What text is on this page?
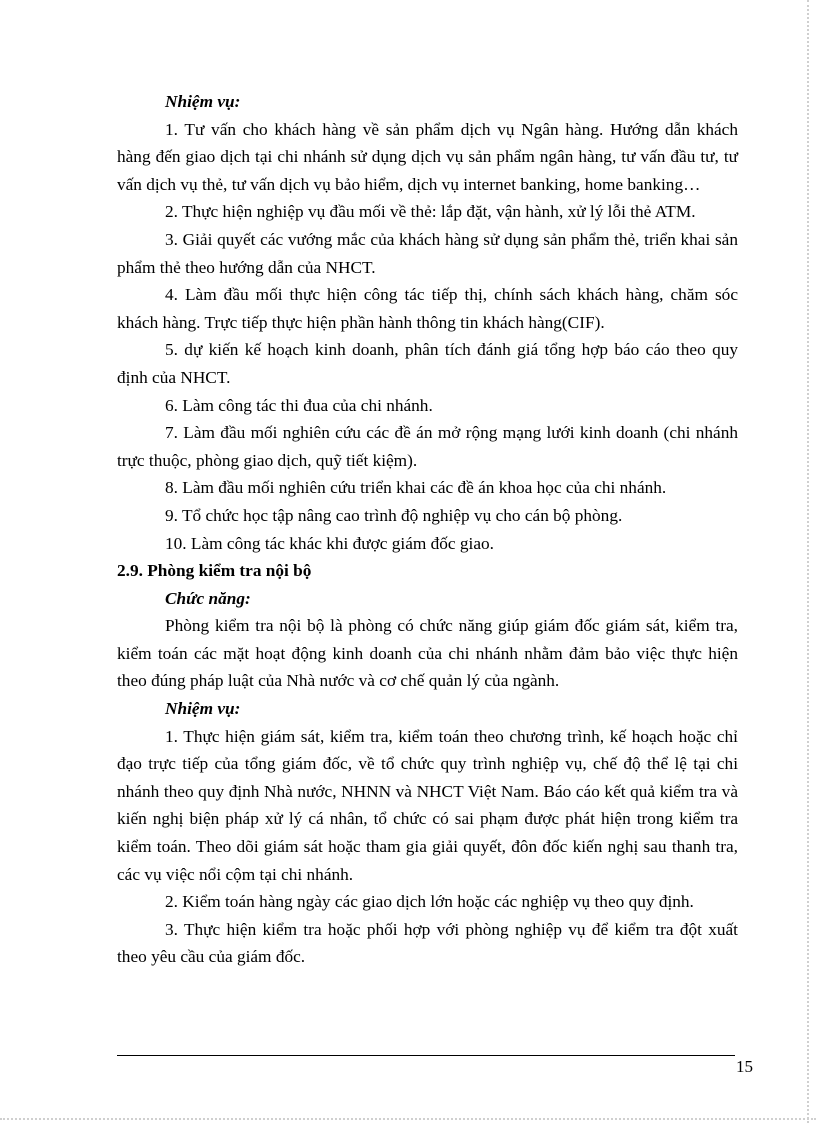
Nhiệm vụ:

1. Tư vấn cho khách hàng về sản phẩm dịch vụ Ngân hàng. Hướng dẫn khách hàng đến giao dịch tại chi nhánh sử dụng dịch vụ sản phẩm ngân hàng, tư vấn đầu tư, tư vấn dịch vụ thẻ, tư vấn dịch vụ bảo hiểm, dịch vụ internet banking, home banking…

2. Thực hiện nghiệp vụ đầu mối về thẻ: lắp đặt, vận hành, xử lý lỗi thẻ ATM.

3. Giải quyết các vướng mắc của khách hàng sử dụng sản phẩm thẻ, triển khai sản phẩm thẻ theo hướng dẫn của NHCT.

4. Làm đầu mối thực hiện công tác tiếp thị, chính sách khách hàng, chăm sóc khách hàng. Trực tiếp thực hiện phần hành thông tin khách hàng(CIF).

5. dự kiến kế hoạch kinh doanh, phân tích đánh giá tổng hợp báo cáo theo quy định của NHCT.

6. Làm công tác thi đua của chi nhánh.

7. Làm đầu mối nghiên cứu các đề án mở rộng mạng lưới kinh doanh (chi nhánh trực thuộc, phòng giao dịch, quỹ tiết kiệm).

8. Làm đầu mối nghiên cứu triển khai các đề án khoa học của chi nhánh.

9. Tổ chức học tập nâng cao trình độ nghiệp vụ cho cán bộ phòng.

10. Làm công tác khác khi được giám đốc giao.

2.9. Phòng kiểm tra nội bộ

Chức năng:

Phòng kiểm tra nội bộ là phòng có chức năng giúp giám đốc giám sát, kiểm tra, kiểm toán các mặt hoạt động kinh doanh của chi nhánh nhằm đảm bảo việc thực hiện theo đúng pháp luật của Nhà nước và cơ chế quản lý của ngành.

Nhiệm vụ:

1. Thực hiện giám sát, kiểm tra, kiểm toán theo chương trình, kế hoạch hoặc chỉ đạo trực tiếp của tổng giám đốc, về tổ chức quy trình nghiệp vụ, chế độ thể lệ tại chi nhánh theo quy định Nhà nước, NHNN và NHCT Việt Nam. Báo cáo kết quả kiểm tra và kiến nghị biện pháp xử lý cá nhân, tổ chức có sai phạm được phát hiện trong kiểm tra kiểm toán. Theo dõi giám sát hoặc tham gia giải quyết, đôn đốc kiến nghị sau thanh tra, các vụ việc nổi cộm tại chi nhánh.

2. Kiểm toán hàng ngày các giao dịch lớn hoặc các nghiệp vụ theo quy định.

3. Thực hiện kiểm tra hoặc phối hợp với phòng nghiệp vụ để kiểm tra đột xuất theo yêu cầu của giám đốc.

15
